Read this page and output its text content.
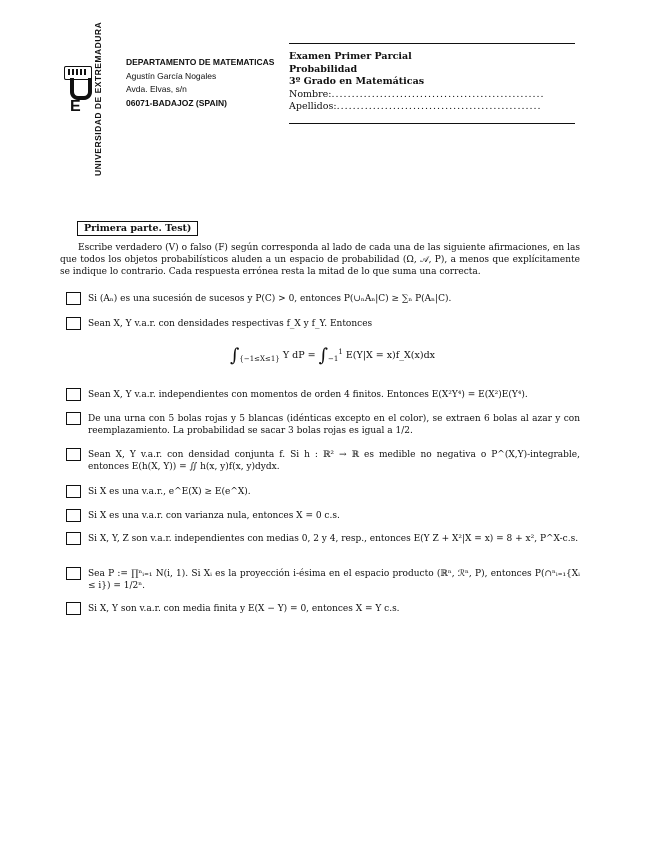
UNIVERSIDAD DE EXTREMADURA
E
DEPARTAMENTO DE MATEMATICAS
Agustín García Nogales
Avda. Elvas, s/n
06071-BADAJOZ (SPAIN)
Examen Primer Parcial
Probabilidad
3º Grado en Matemáticas
Nombre:.....................................................
Apellidos:...................................................
Primera parte. Test)
Escribe verdadero (V) o falso (F) según corresponda al lado de cada una de las siguiente afirmaciones, en las que todos los objetos probabilísticos aluden a un espacio de probabilidad (Ω, 𝒜, P), a menos que explícitamente se indique lo contrario. Cada respuesta errónea resta la mitad de lo que suma una correcta.
Si (Aₙ) es una sucesión de sucesos y P(C) > 0, entonces P(∪ₙAₙ|C) ≥ ∑ₙ P(Aₙ|C).
Sean X, Y v.a.r. con densidades respectivas f_X y f_Y. Entonces
$\int_{\{-1\le X\le 1\}}$ Y dP = $\int_{-1}^1$ E(Y|X = x)f_X(x)dx
Sean X, Y v.a.r. independientes con momentos de orden 4 finitos. Entonces E(X²Y⁴) = E(X²)E(Y⁴).
De una urna con 5 bolas rojas y 5 blancas (idénticas excepto en el color), se extraen 6 bolas al azar y con reemplazamiento. La probabilidad se sacar 3 bolas rojas es igual a 1/2.
Sean X, Y v.a.r. con densidad conjunta f. Si h : ℝ² → ℝ es medible no negativa o P^(X,Y)-integrable, entonces E(h(X, Y)) = ∬ h(x, y)f(x, y)dydx.
Si X es una v.a.r., e^E(X) ≥ E(e^X).
Si X es una v.a.r. con varianza nula, entonces X = 0 c.s.
Si X, Y, Z son v.a.r. independientes con medias 0, 2 y 4, resp., entonces E(Y Z + X²|X = x) = 8 + x², P^X-c.s.
Sea P := ∏ⁿᵢ₌₁ N(i, 1). Si Xᵢ es la proyección i-ésima en el espacio producto (ℝⁿ, ℛⁿ, P), entonces P(∩ⁿᵢ₌₁{Xᵢ ≤ i}) = 1/2ⁿ.
Si X, Y son v.a.r. con media finita y E(X − Y) = 0, entonces X = Y c.s.
